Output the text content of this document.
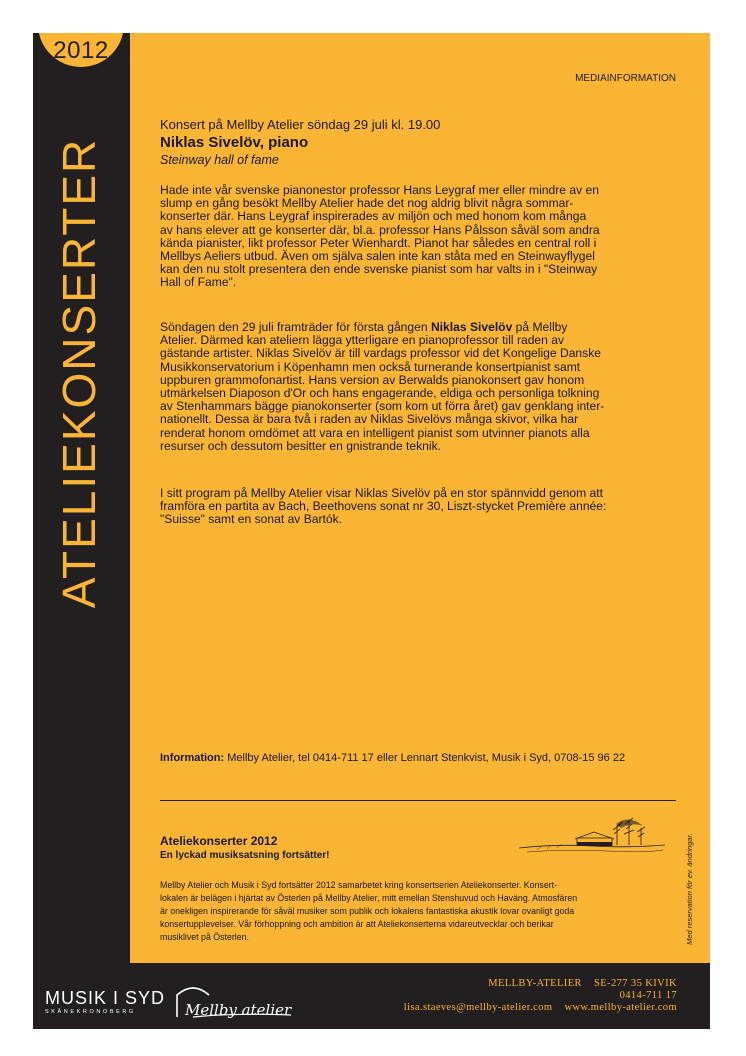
2012
ATELIEKONSERTER
MEDIAINFORMATION
Konsert på Mellby Atelier söndag 29 juli kl. 19.00
Niklas Sivelöv, piano
Steinway hall of fame

Hade inte vår svenske pianonestor professor Hans Leygraf mer eller mindre av en
slump en gång besökt Mellby Atelier hade det nog aldrig blivit några sommar-
konserter där. Hans Leygraf inspirerades av miljön och med honom kom många
av hans elever att ge konserter där, bl.a. professor Hans Pålsson såväl som andra
kända pianister, likt professor Peter Wienhardt. Pianot har således en central roll i
Mellbys Aeliers utbud. Även om själva salen inte kan ståta med en Steinwayflygel
kan den nu stolt presentera den ende svenske pianist som har valts in i "Steinway
Hall of Fame".

Söndagen den 29 juli framträder för första gången Niklas Sivelöv på Mellby
Atelier. Därmed kan ateliern lägga ytterligare en pianoprofessor till raden av
gästande artister. Niklas Sivelöv är till vardags professor vid det Kongelige Danske
Musikkonservatorium i Köpenhamn men också turnerande konsertpianist samt
uppburen grammofonartist. Hans version av Berwalds pianokonsert gav honom
utmärkelsen Diaposon d'Or och hans engagerande, eldiga och personliga tolkning
av Stenhammars bägge pianokonserter (som kom ut förra året) gav genklang inter-
nationellt. Dessa är bara två i raden av Niklas Sivelövs många skivor, vilka har
renderat honom omdömet att vara en intelligent pianist som utvinner pianots alla
resurser och dessutom besitter en gnistrande teknik.

I sitt program på Mellby Atelier visar Niklas Sivelöv på en stor spännvidd genom att
framföra en partita av Bach, Beethovens sonat nr 30, Liszt-stycket Première année:
"Suisse" samt en sonat av Bartók.

Information: Mellby Atelier, tel 0414-711 17 eller Lennart Stenkvist, Musik i Syd, 0708-15 96 22
Ateliekonserter 2012
En lyckad musiksatsning fortsätter!
Mellby Atelier och Musik i Syd fortsätter 2012 samarbetet kring konsertserien Ateliekonserter. Konsert-
lokalen är belägen i hjärtat av Österlen på Mellby Atelier, mitt emellan Stenshuvud och Haväng. Atmosfären
är onekligen inspirerande för såväl musiker som publik och lokalens fantastiska akustik lovar ovanligt goda
konsertupplevelser. Vår förhoppning och ambition är att Ateliekonserterna vidareutvecklar och berikar
musiklivet på Österlen.	Med reservation för ev. ändringar.
MUSIK I SYD
SKÅNEKRONOBERG	Mellby atelier
MELLBY-ATELIER    SE-277 35 KIVIK
0414-711 17
lisa.staeves@mellby-atelier.com    www.mellby-atelier.com
